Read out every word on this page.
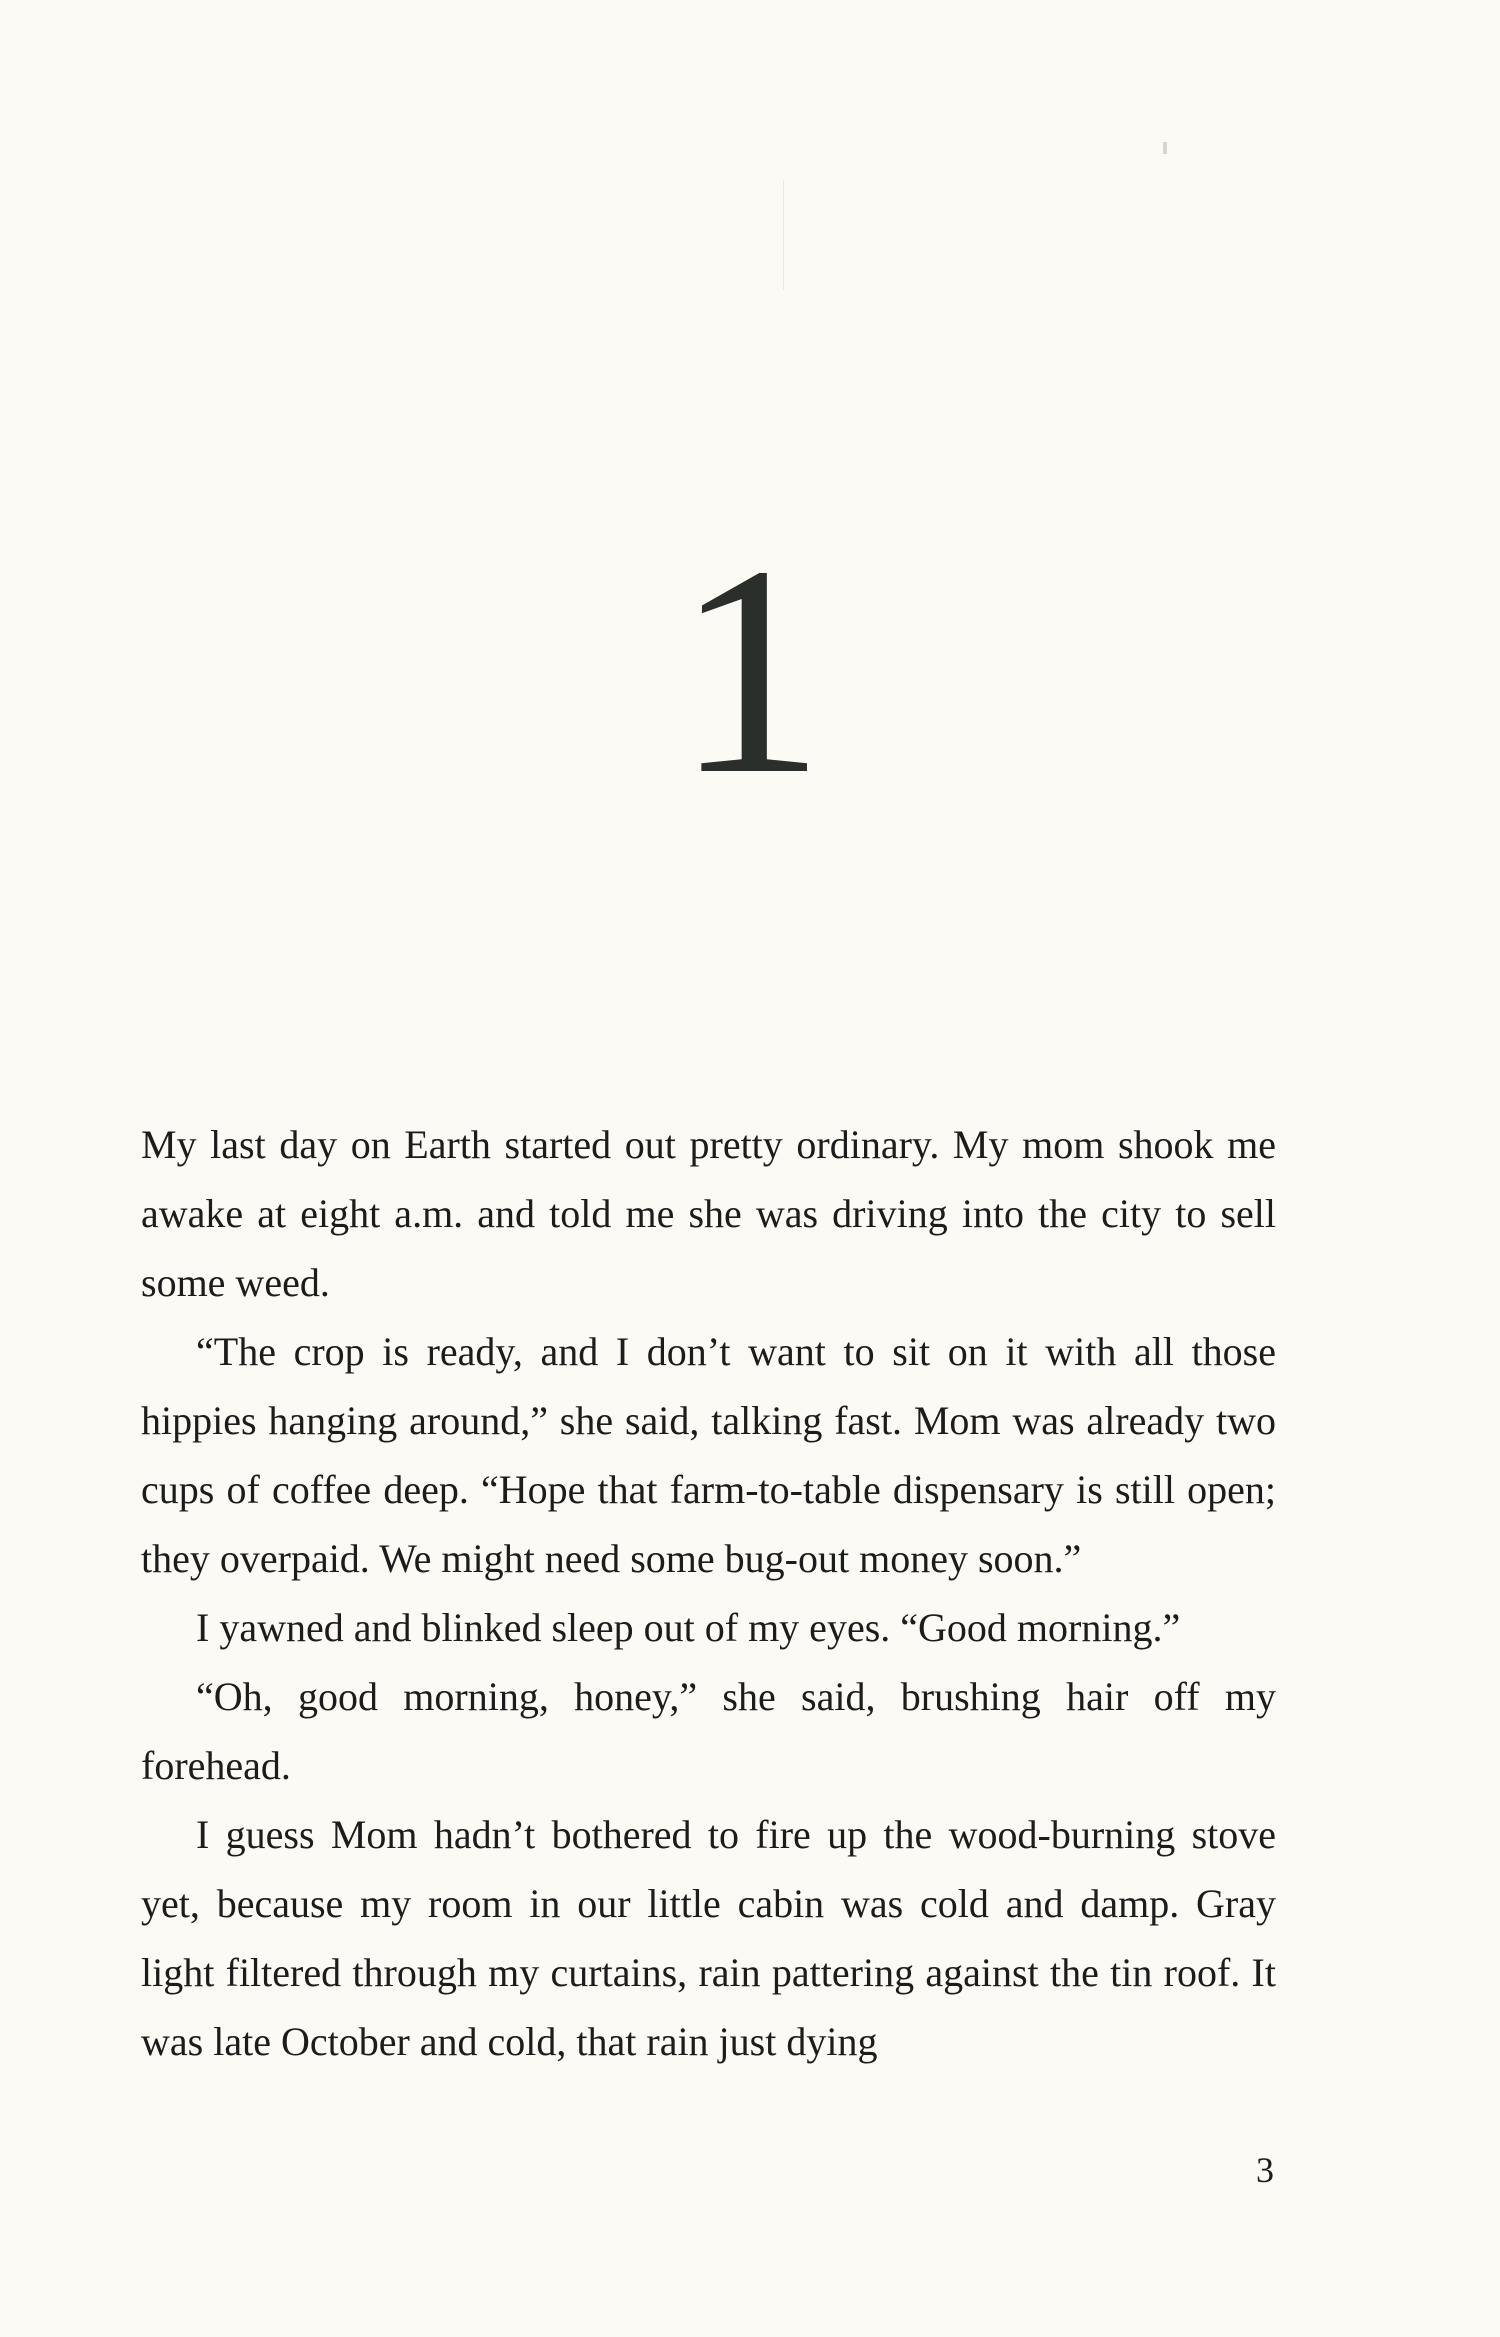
1

My last day on Earth started out pretty ordinary. My mom shook me awake at eight a.m. and told me she was driving into the city to sell some weed.

“The crop is ready, and I don’t want to sit on it with all those hippies hanging around,” she said, talking fast. Mom was already two cups of coffee deep. “Hope that farm-to-table dispensary is still open; they overpaid. We might need some bug-out money soon.”

I yawned and blinked sleep out of my eyes. “Good morning.”

“Oh, good morning, honey,” she said, brushing hair off my forehead.

I guess Mom hadn’t bothered to fire up the wood-burning stove yet, because my room in our little cabin was cold and damp. Gray light filtered through my curtains, rain pattering against the tin roof. It was late October and cold, that rain just dying

3
